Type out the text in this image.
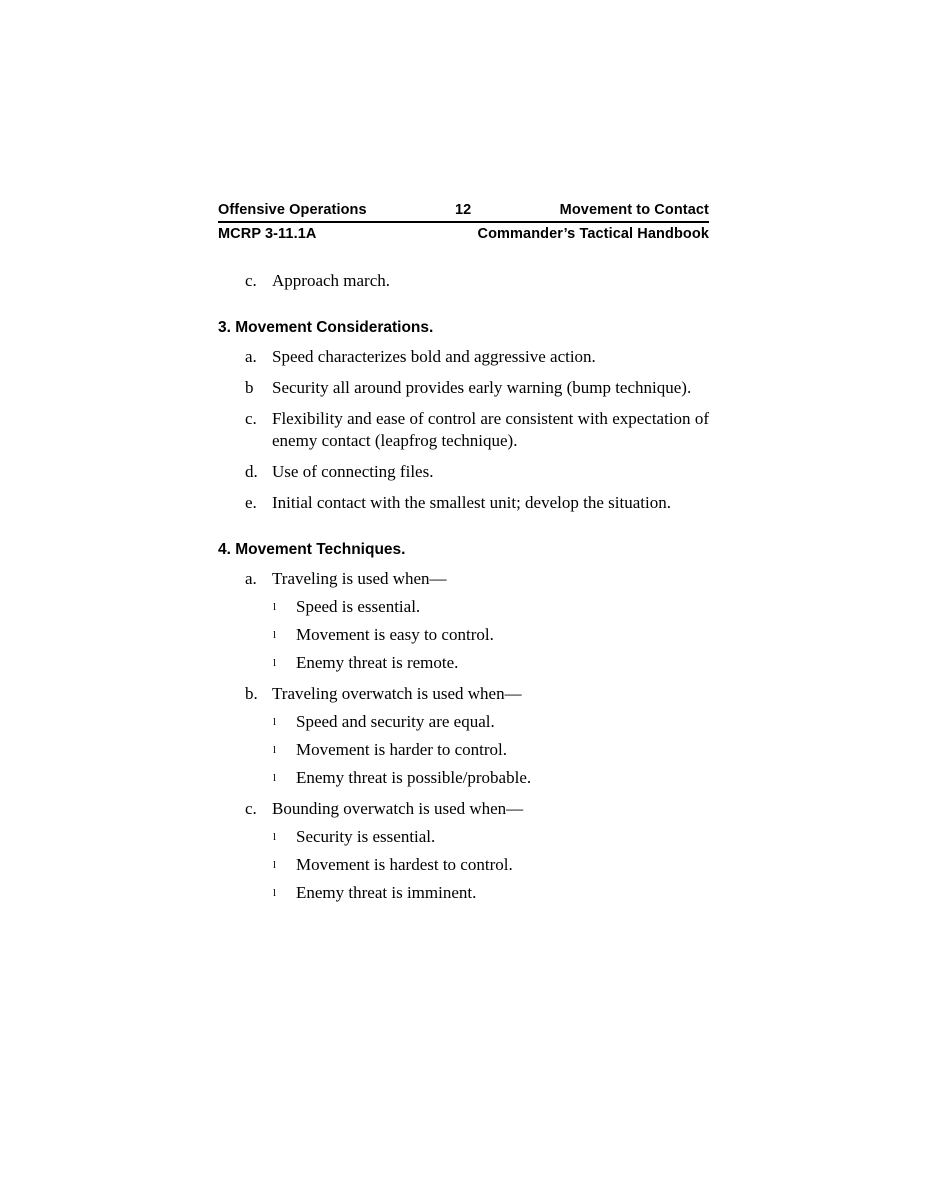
Offensive Operations	12	Movement to Contact
MCRP 3-11.1A	Commander’s Tactical Handbook
c. Approach march.
3. Movement Considerations.
a. Speed characterizes bold and aggressive action.
b	Security all around provides early warning (bump technique).
c. Flexibility and ease of control are consistent with expectation of enemy contact (leapfrog technique).
d. Use of connecting files.
e. Initial contact with the smallest unit; develop the situation.
4. Movement Techniques.
a. Traveling is used when—
l	Speed is essential.
l	Movement is easy to control.
l	Enemy threat is remote.
b. Traveling overwatch is used when—
l	Speed and security are equal.
l	Movement is harder to control.
l	Enemy threat is possible/probable.
c. Bounding overwatch is used when—
l	Security is essential.
l	Movement is hardest to control.
l	Enemy threat is imminent.
